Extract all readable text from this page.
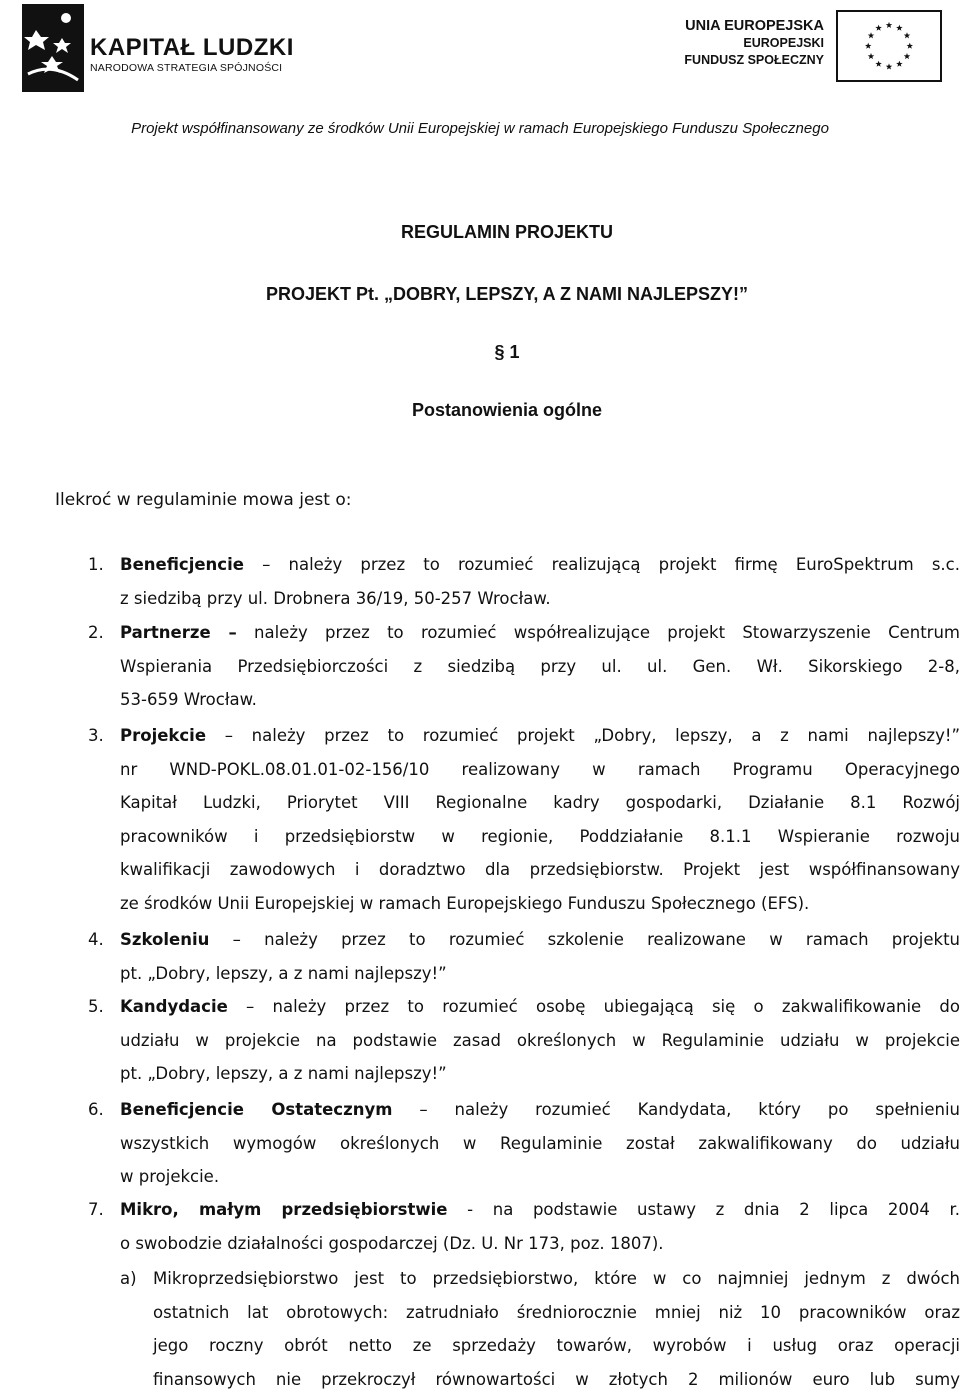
KAPITAŁ LUDZKI
NARODOWA STRATEGIA SPÓJNOŚCI
UNIA EUROPEJSKA
EUROPEJSKI
FUNDUSZ SPOŁECZNY
Projekt współfinansowany ze środków Unii Europejskiej w ramach Europejskiego Funduszu Społecznego
REGULAMIN PROJEKTU
PROJEKT Pt. „DOBRY, LEPSZY, A Z NAMI NAJLEPSZY!”
§ 1
Postanowienia ogólne
Ilekroć w regulaminie mowa jest o:
1. Beneficjencie – należy przez to rozumieć realizującą projekt firmę EuroSpektrum s.c.
z siedzibą przy ul. Drobnera 36/19, 50-257 Wrocław.
2. Partnerze – należy przez to rozumieć współrealizujące projekt Stowarzyszenie Centrum
Wspierania Przedsiębiorczości z siedzibą przy ul. ul. Gen. Wł. Sikorskiego 2-8,
53-659 Wrocław.
3. Projekcie – należy przez to rozumieć projekt „Dobry, lepszy, a z nami najlepszy!”
nr WND-POKL.08.01.01-02-156/10 realizowany w ramach Programu Operacyjnego
Kapitał Ludzki, Priorytet VIII Regionalne kadry gospodarki, Działanie 8.1 Rozwój
pracowników i przedsiębiorstw w regionie, Poddziałanie 8.1.1 Wspieranie rozwoju
kwalifikacji zawodowych i doradztwo dla przedsiębiorstw. Projekt jest współfinansowany
ze środków Unii Europejskiej w ramach Europejskiego Funduszu Społecznego (EFS).
4. Szkoleniu – należy przez to rozumieć szkolenie realizowane w ramach projektu
pt. „Dobry, lepszy, a z nami najlepszy!”
5. Kandydacie – należy przez to rozumieć osobę ubiegającą się o zakwalifikowanie do
udziału w projekcie na podstawie zasad określonych w Regulaminie udziału w projekcie
pt. „Dobry, lepszy, a z nami najlepszy!”
6. Beneficjencie Ostatecznym – należy rozumieć Kandydata, który po spełnieniu
wszystkich wymogów określonych w Regulaminie został zakwalifikowany do udziału
w projekcie.
7. Mikro, małym przedsiębiorstwie - na podstawie ustawy z dnia 2 lipca 2004 r.
o swobodzie działalności gospodarczej (Dz. U. Nr 173, poz. 1807).
a) Mikroprzedsiębiorstwo jest to przedsiębiorstwo, które w co najmniej jednym z dwóch
ostatnich lat obrotowych: zatrudniało średniorocznie mniej niż 10 pracowników oraz
jego roczny obrót netto ze sprzedaży towarów, wyrobów i usług oraz operacji
finansowych nie przekroczył równowartości w złotych 2 milionów euro lub sumy
